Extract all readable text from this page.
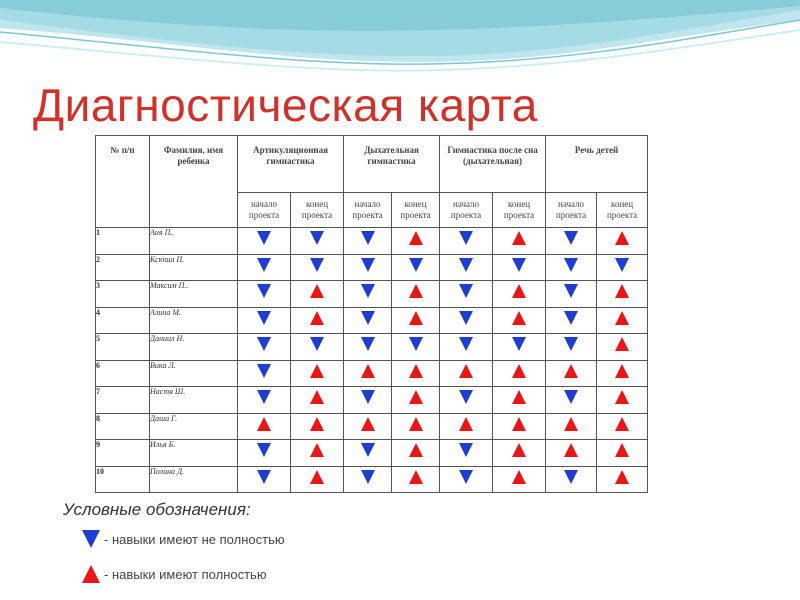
Диагностическая карта
№ п/п	Фамилия, имя ребенка	Артикуляционная гимнастика		Дыхательная гимнастика		Гимнастика после сна (дыхательная)		Речь детей	
		начало проекта	конец проекта	начало проекта	конец проекта	начало проекта	конец проекта	начало проекта	конец проекта
1	Аня П.								
2	Ксюша П.								
3	Максим П..								
4	Алина М.								
5	Даниил Н.								
6	Вика Л.								
7	Настя Ш.								
8	Даша Г.								
9	Илья Б.								
10	Полина Д.								
Условные обозначения:
- навыки имеют не полностью
- навыки имеют полностью
